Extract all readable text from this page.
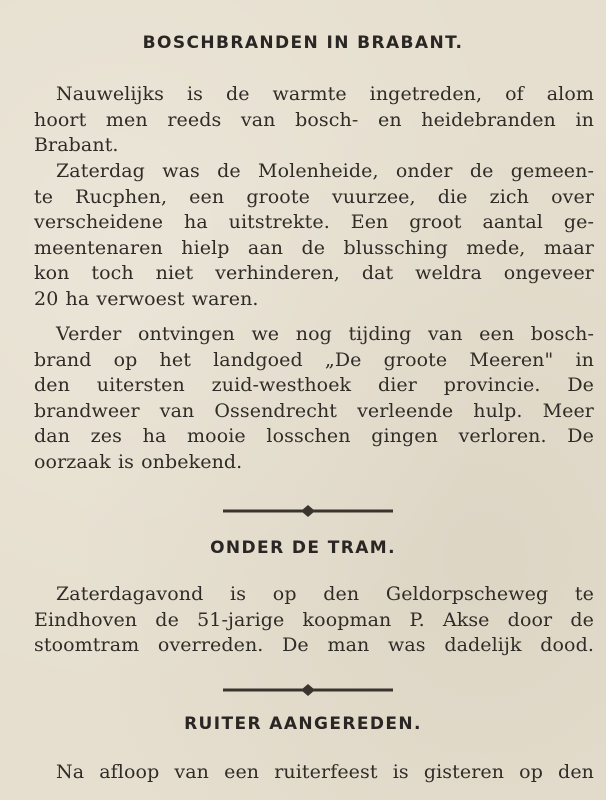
BOSCHBRANDEN IN BRABANT.

Nauwelijks is de warmte ingetreden, of alom
hoort men reeds van bosch- en heidebranden in
Brabant.

Zaterdag was de Molenheide, onder de gemeen-
te Rucphen, een groote vuurzee, die zich over
verscheidene ha uitstrekte. Een groot aantal ge-
meentenaren hielp aan de blussching mede, maar
kon toch niet verhinderen, dat weldra ongeveer
20 ha verwoest waren.

Verder ontvingen we nog tijding van een bosch-
brand op het landgoed „De groote Meeren" in
den uitersten zuid-westhoek dier provincie. De
brandweer van Ossendrecht verleende hulp. Meer
dan zes ha mooie losschen gingen verloren. De
oorzaak is onbekend.

ONDER DE TRAM.

Zaterdagavond is op den Geldorpscheweg te
Eindhoven de 51-jarige koopman P. Akse door de
stoomtram overreden. De man was dadelijk dood.

RUITER AANGEREDEN.

Na afloop van een ruiterfeest is gisteren op den
